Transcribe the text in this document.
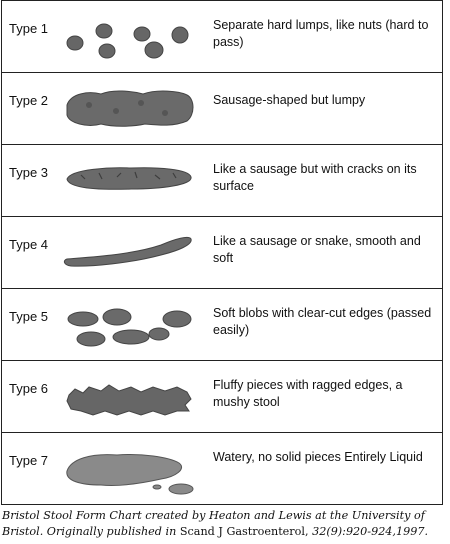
Type 1	Separate hard lumps, like nuts (hard to pass)
Type 2	Sausage-shaped but lumpy
Type 3	Like a sausage but with cracks on its surface
Type 4	Like a sausage or snake, smooth and soft
Type 5	Soft blobs with clear-cut edges (passed easily)
Type 6	Fluffy pieces with ragged edges, a mushy stool
Type 7	Watery, no solid pieces Entirely Liquid
Bristol Stool Form Chart created by Heaton and Lewis at the University of Bristol. Originally published in Scand J Gastroenterol, 32(9):920-924,1997.
